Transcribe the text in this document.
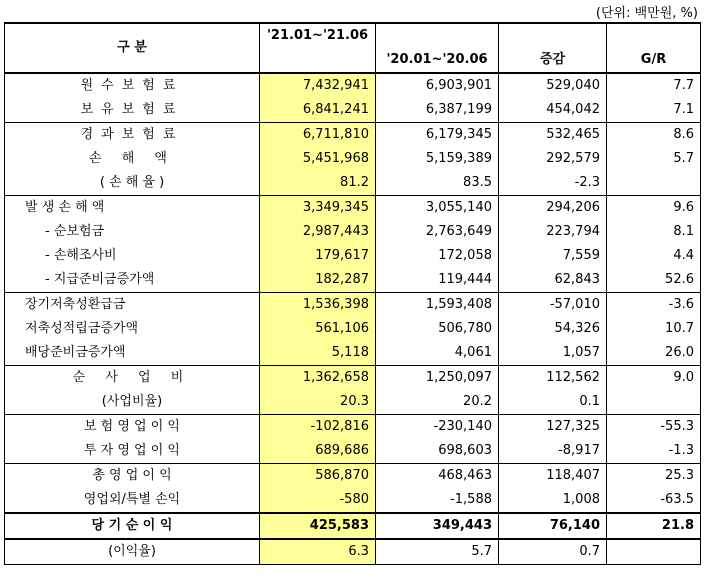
(단위: 백만원, %)
구 분	'21.01~'21.06			
		'20.01~'20.06	증감	G/R
원수보험료	7,432,941	6,903,901	529,040	7.7
보유보험료	6,841,241	6,387,199	454,042	7.1
경과보험료	6,711,810	6,179,345	532,465	8.6
손 해 액	5,451,968	5,159,389	292,579	5.7
( 손 해 율 )	81.2	83.5	-2.3	
발 생 손 해 액	3,349,345	3,055,140	294,206	9.6
- 순보험금	2,987,443	2,763,649	223,794	8.1
- 손해조사비	179,617	172,058	7,559	4.4
- 지급준비금증가액	182,287	119,444	62,843	52.6
장기저축성환급금	1,536,398	1,593,408	-57,010	-3.6
저축성적립금증가액	561,106	506,780	54,326	10.7
배당준비금증가액	5,118	4,061	1,057	26.0
순 사 업 비	1,362,658	1,250,097	112,562	9.0
(사업비율)	20.3	20.2	0.1	
보 험 영 업 이 익	-102,816	-230,140	127,325	-55.3
투 자 영 업 이 익	689,686	698,603	-8,917	-1.3
총 영 업 이 익	586,870	468,463	118,407	25.3
영업외/특별 손익	-580	-1,588	1,008	-63.5
당 기 순 이 익	425,583	349,443	76,140	21.8
(이익율)	6.3	5.7	0.7	
